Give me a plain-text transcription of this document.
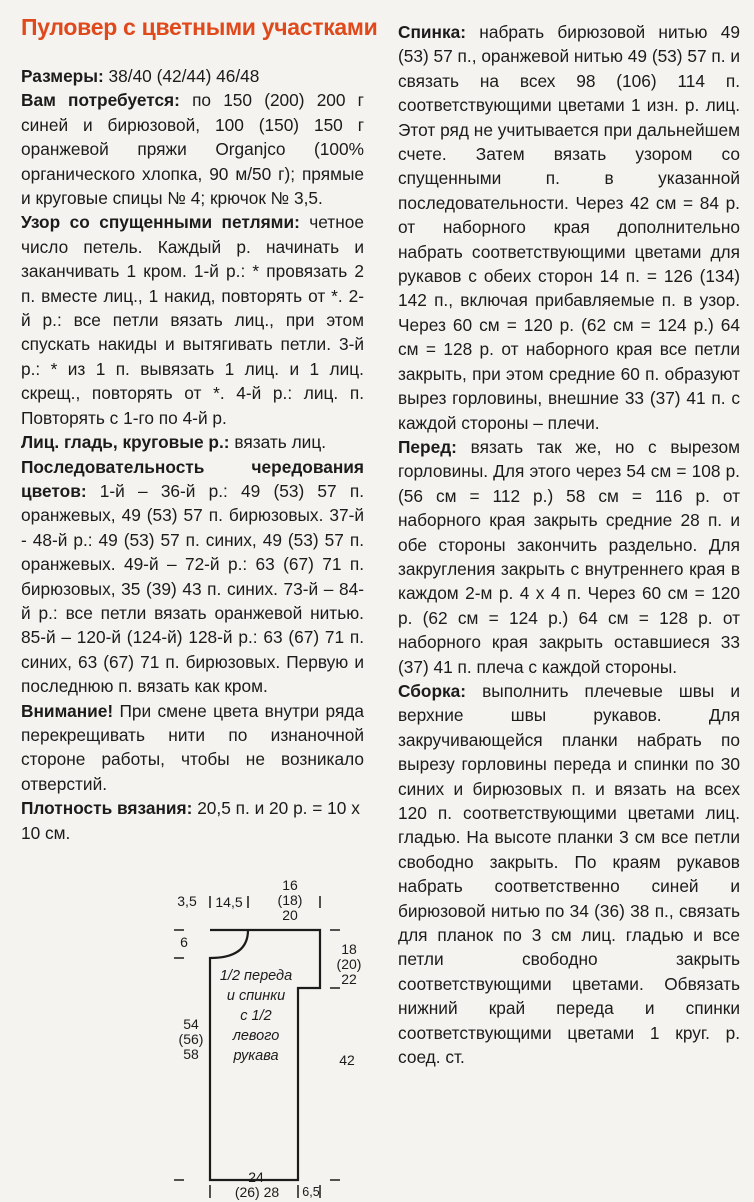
Пуловер с цветными участками

Размеры: 38/40 (42/44) 46/48

Вам потребуется: по 150 (200) 200 г синей и бирюзовой, 100 (150) 150 г оранжевой пряжи Organjco (100% органического хлопка, 90 м/50 г); прямые и круговые спицы № 4; крючок № 3,5.

Узор со спущенными петлями: четное число петель. Каждый р. начинать и заканчивать 1 кром. 1-й р.: * провязать 2 п. вместе лиц., 1 накид, повторять от *. 2-й р.: все петли вязать лиц., при этом спускать накиды и вытягивать петли. 3-й р.: * из 1 п. вывязать 1 лиц. и 1 лиц. скрещ., повторять от *. 4-й р.: лиц. п. Повторять с 1-го по 4-й р.

Лиц. гладь, круговые р.: вязать лиц.

Последовательность чередования цветов: 1-й – 36-й р.: 49 (53) 57 п. оранжевых, 49 (53) 57 п. бирюзовых. 37-й - 48-й р.: 49 (53) 57 п. синих, 49 (53) 57 п. оранжевых. 49-й – 72-й р.: 63 (67) 71 п. бирюзовых, 35 (39) 43 п. синих. 73-й – 84-й р.: все петли вязать оранжевой нитью. 85-й – 120-й (124-й) 128-й р.: 63 (67) 71 п. синих, 63 (67) 71 п. бирюзовых. Первую и последнюю п. вязать как кром.

Внимание! При смене цвета внутри ряда перекрещивать нити по изнаночной стороне работы, чтобы не возникало отверстий.

Плотность вязания: 20,5 п. и 20 р. = 10 х 10 см.

Спинка: набрать бирюзовой нитью 49 (53) 57 п., оранжевой нитью 49 (53) 57 п. и связать на всех 98 (106) 114 п. соответствующими цветами 1 изн. р. лиц. Этот ряд не учитывается при дальнейшем счете. Затем вязать узором со спущенными п. в указанной последовательности. Через 42 см = 84 р. от наборного края дополнительно набрать соответствующими цветами для рукавов с обеих сторон 14 п. = 126 (134) 142 п., включая прибавляемые п. в узор. Через 60 см = 120 р. (62 см = 124 р.) 64 см = 128 р. от наборного края все петли закрыть, при этом средние 60 п. образуют вырез горловины, внешние 33 (37) 41 п. с каждой стороны – плечи.

Перед: вязать так же, но с вырезом горловины. Для этого через 54 см = 108 р. (56 см = 112 р.) 58 см = 116 р. от наборного края закрыть средние 28 п. и обе стороны закончить раздельно. Для закругления закрыть с внутреннего края в каждом 2-м р. 4 х 4 п. Через 60 см = 120 р. (62 см = 124 р.) 64 см = 128 р. от наборного края закрыть оставшиеся 33 (37) 41 п. плеча с каждой стороны.

Сборка: выполнить плечевые швы и верхние швы рукавов. Для закручивающейся планки набрать по вырезу горловины переда и спинки по 30 синих и бирюзовых п. и вязать на всех 120 п. соответствующими цветами лиц. гладью. На высоте планки 3 см все петли свободно закрыть. По краям рукавов набрать соответственно синей и бирюзовой нитью по 34 (36) 38 п., связать для планок по 3 см лиц. гладью и все петли свободно закрыть соответствующими цветами. Обвязать нижний край переда и спинки соответствующими цветами 1 круг. р. соед. ст.

3,5	14,5
16
(18)
20
6	18
(20)
22
54
(56)
58	42
1/2 переда
и спинки
с 1/2
левого
рукава
24
(26) 28	6,5
